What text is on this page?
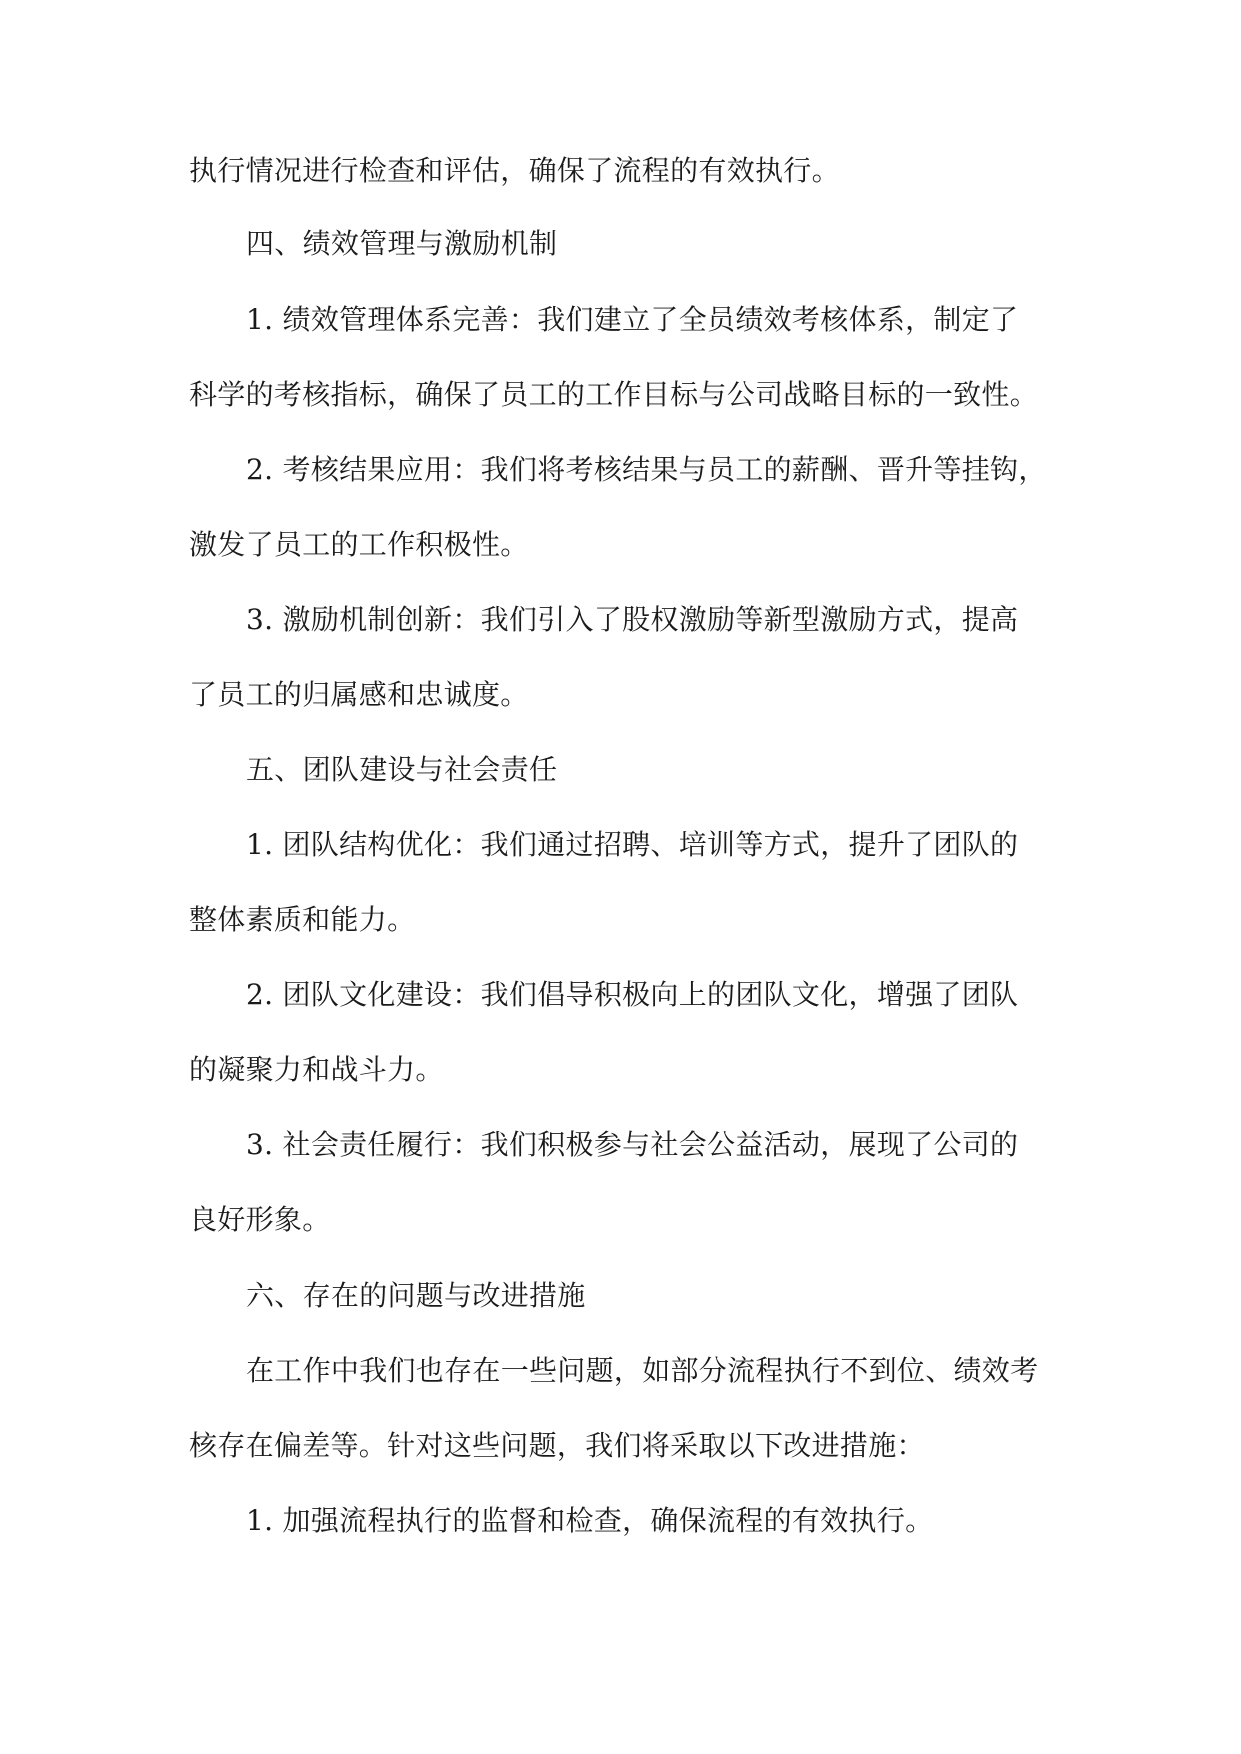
执行情况进行检查和评估，确保了流程的有效执行。
四、绩效管理与激励机制
1. 绩效管理体系完善：我们建立了全员绩效考核体系，制定了
科学的考核指标，确保了员工的工作目标与公司战略目标的一致性。
2. 考核结果应用：我们将考核结果与员工的薪酬、晋升等挂钩，
激发了员工的工作积极性。
3. 激励机制创新：我们引入了股权激励等新型激励方式，提高
了员工的归属感和忠诚度。
五、团队建设与社会责任
1. 团队结构优化：我们通过招聘、培训等方式，提升了团队的
整体素质和能力。
2. 团队文化建设：我们倡导积极向上的团队文化，增强了团队
的凝聚力和战斗力。
3. 社会责任履行：我们积极参与社会公益活动，展现了公司的
良好形象。
六、存在的问题与改进措施
在工作中我们也存在一些问题，如部分流程执行不到位、绩效考
核存在偏差等。针对这些问题，我们将采取以下改进措施：
1. 加强流程执行的监督和检查，确保流程的有效执行。
